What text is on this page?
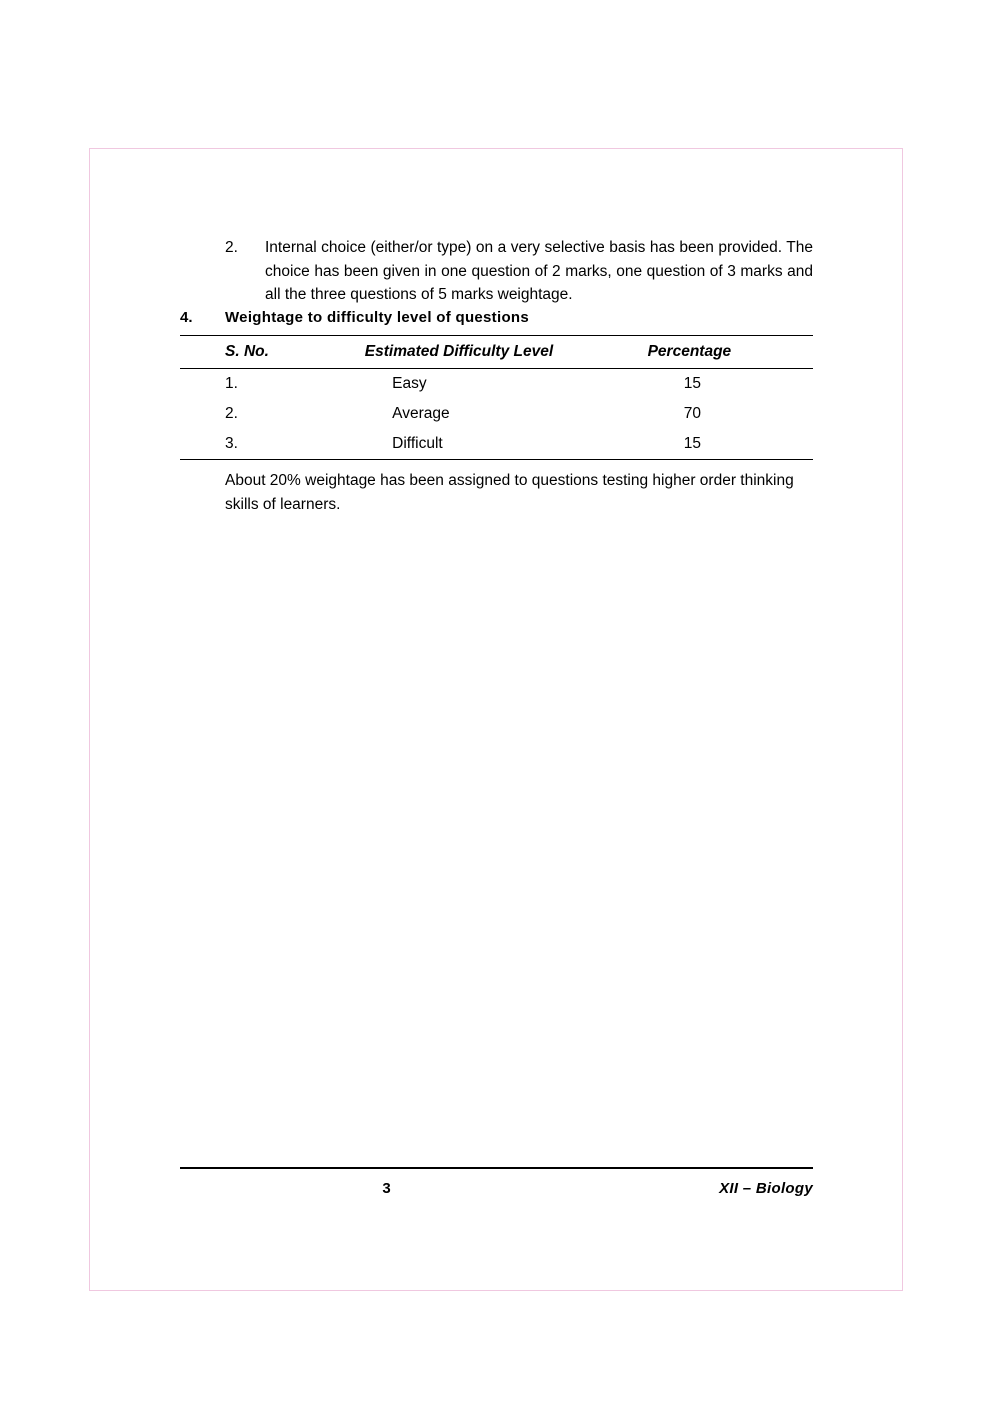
2.	Internal choice (either/or type) on a very selective basis has been provided. The choice has been given in one question of 2 marks, one question of 3 marks and all the three questions of 5 marks weightage.
4. Weightage to difficulty level of questions
S. No.	Estimated Difficulty Level	Percentage
1.	Easy	15
2.	Average	70
3.	Difficult	15
About 20% weightage has been assigned to questions testing higher order thinking skills of learners.
3	XII – Biology
